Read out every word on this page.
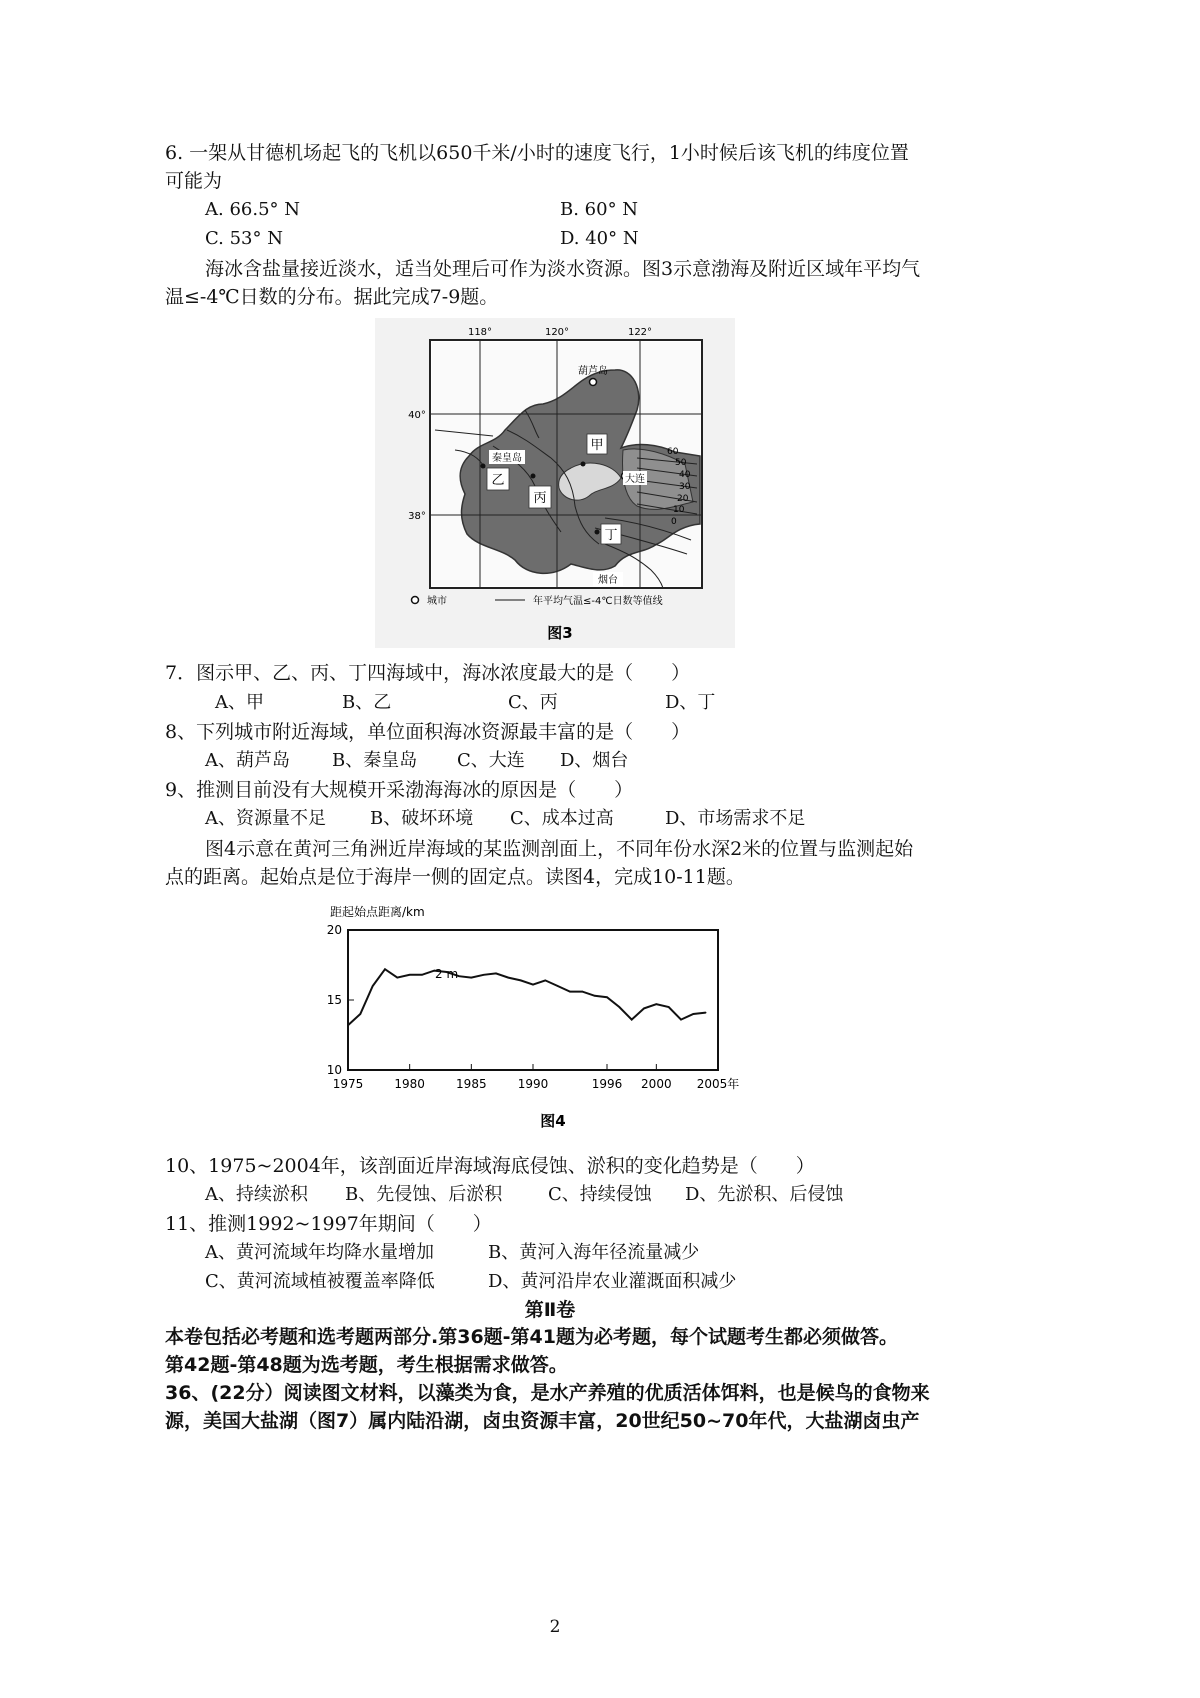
6. 一架从甘德机场起飞的飞机以650千米/小时的速度飞行，1小时候后该飞机的纬度位置
可能为
A. 66.5° N	B. 60° N
C. 53° N	D. 40° N
海冰含盐量接近淡水，适当处理后可作为淡水资源。图3示意渤海及附近区域年平均气
温≤-4℃日数的分布。据此完成7-9题。
118°	120°	122°
40°
38°
葫芦岛
秦皇岛
大连
烟台
甲
乙
丙
丁
60
50
40
30
20
10
0
城市	年平均气温≤-4℃日数等值线
图3
7．图示甲、乙、丙、丁四海域中，海冰浓度最大的是（　　）
A、甲	B、乙	C、丙	D、丁
8、下列城市附近海域，单位面积海冰资源最丰富的是（　　）
A、葫芦岛 B、秦皇岛 C、大连 D、烟台
9、推测目前没有大规模开采渤海海冰的原因是（　　）
A、资源量不足 B、破坏环境 C、成本过高	D、市场需求不足
图4示意在黄河三角洲近岸海域的某监测剖面上，不同年份水深2米的位置与监测起始
点的距离。起始点是位于海岸一侧的固定点。读图4，完成10-11题。
距起始点距离/km
20
15
10
1975	1980	1985	1990	1996 2000 2005年
2 m
图4
10、1975~2004年，该剖面近岸海域海底侵蚀、淤积的变化趋势是（　　）
A、持续淤积 B、先侵蚀、后淤积	C、持续侵蚀 D、先淤积、后侵蚀
11、推测1992~1997年期间（　　）
A、黄河流域年均降水量增加	B、黄河入海年径流量减少
C、黄河流域植被覆盖率降低	D、黄河沿岸农业灌溉面积减少
第Ⅱ卷
本卷包括必考题和选考题两部分.第36题-第41题为必考题，每个试题考生都必须做答。
第42题-第48题为选考题，考生根据需求做答。
36、(22分）阅读图文材料，以藻类为食，是水产养殖的优质活体饵料，也是候鸟的食物来
源，美国大盐湖（图7）属内陆沿湖，卤虫资源丰富，20世纪50~70年代，大盐湖卤虫产
2
